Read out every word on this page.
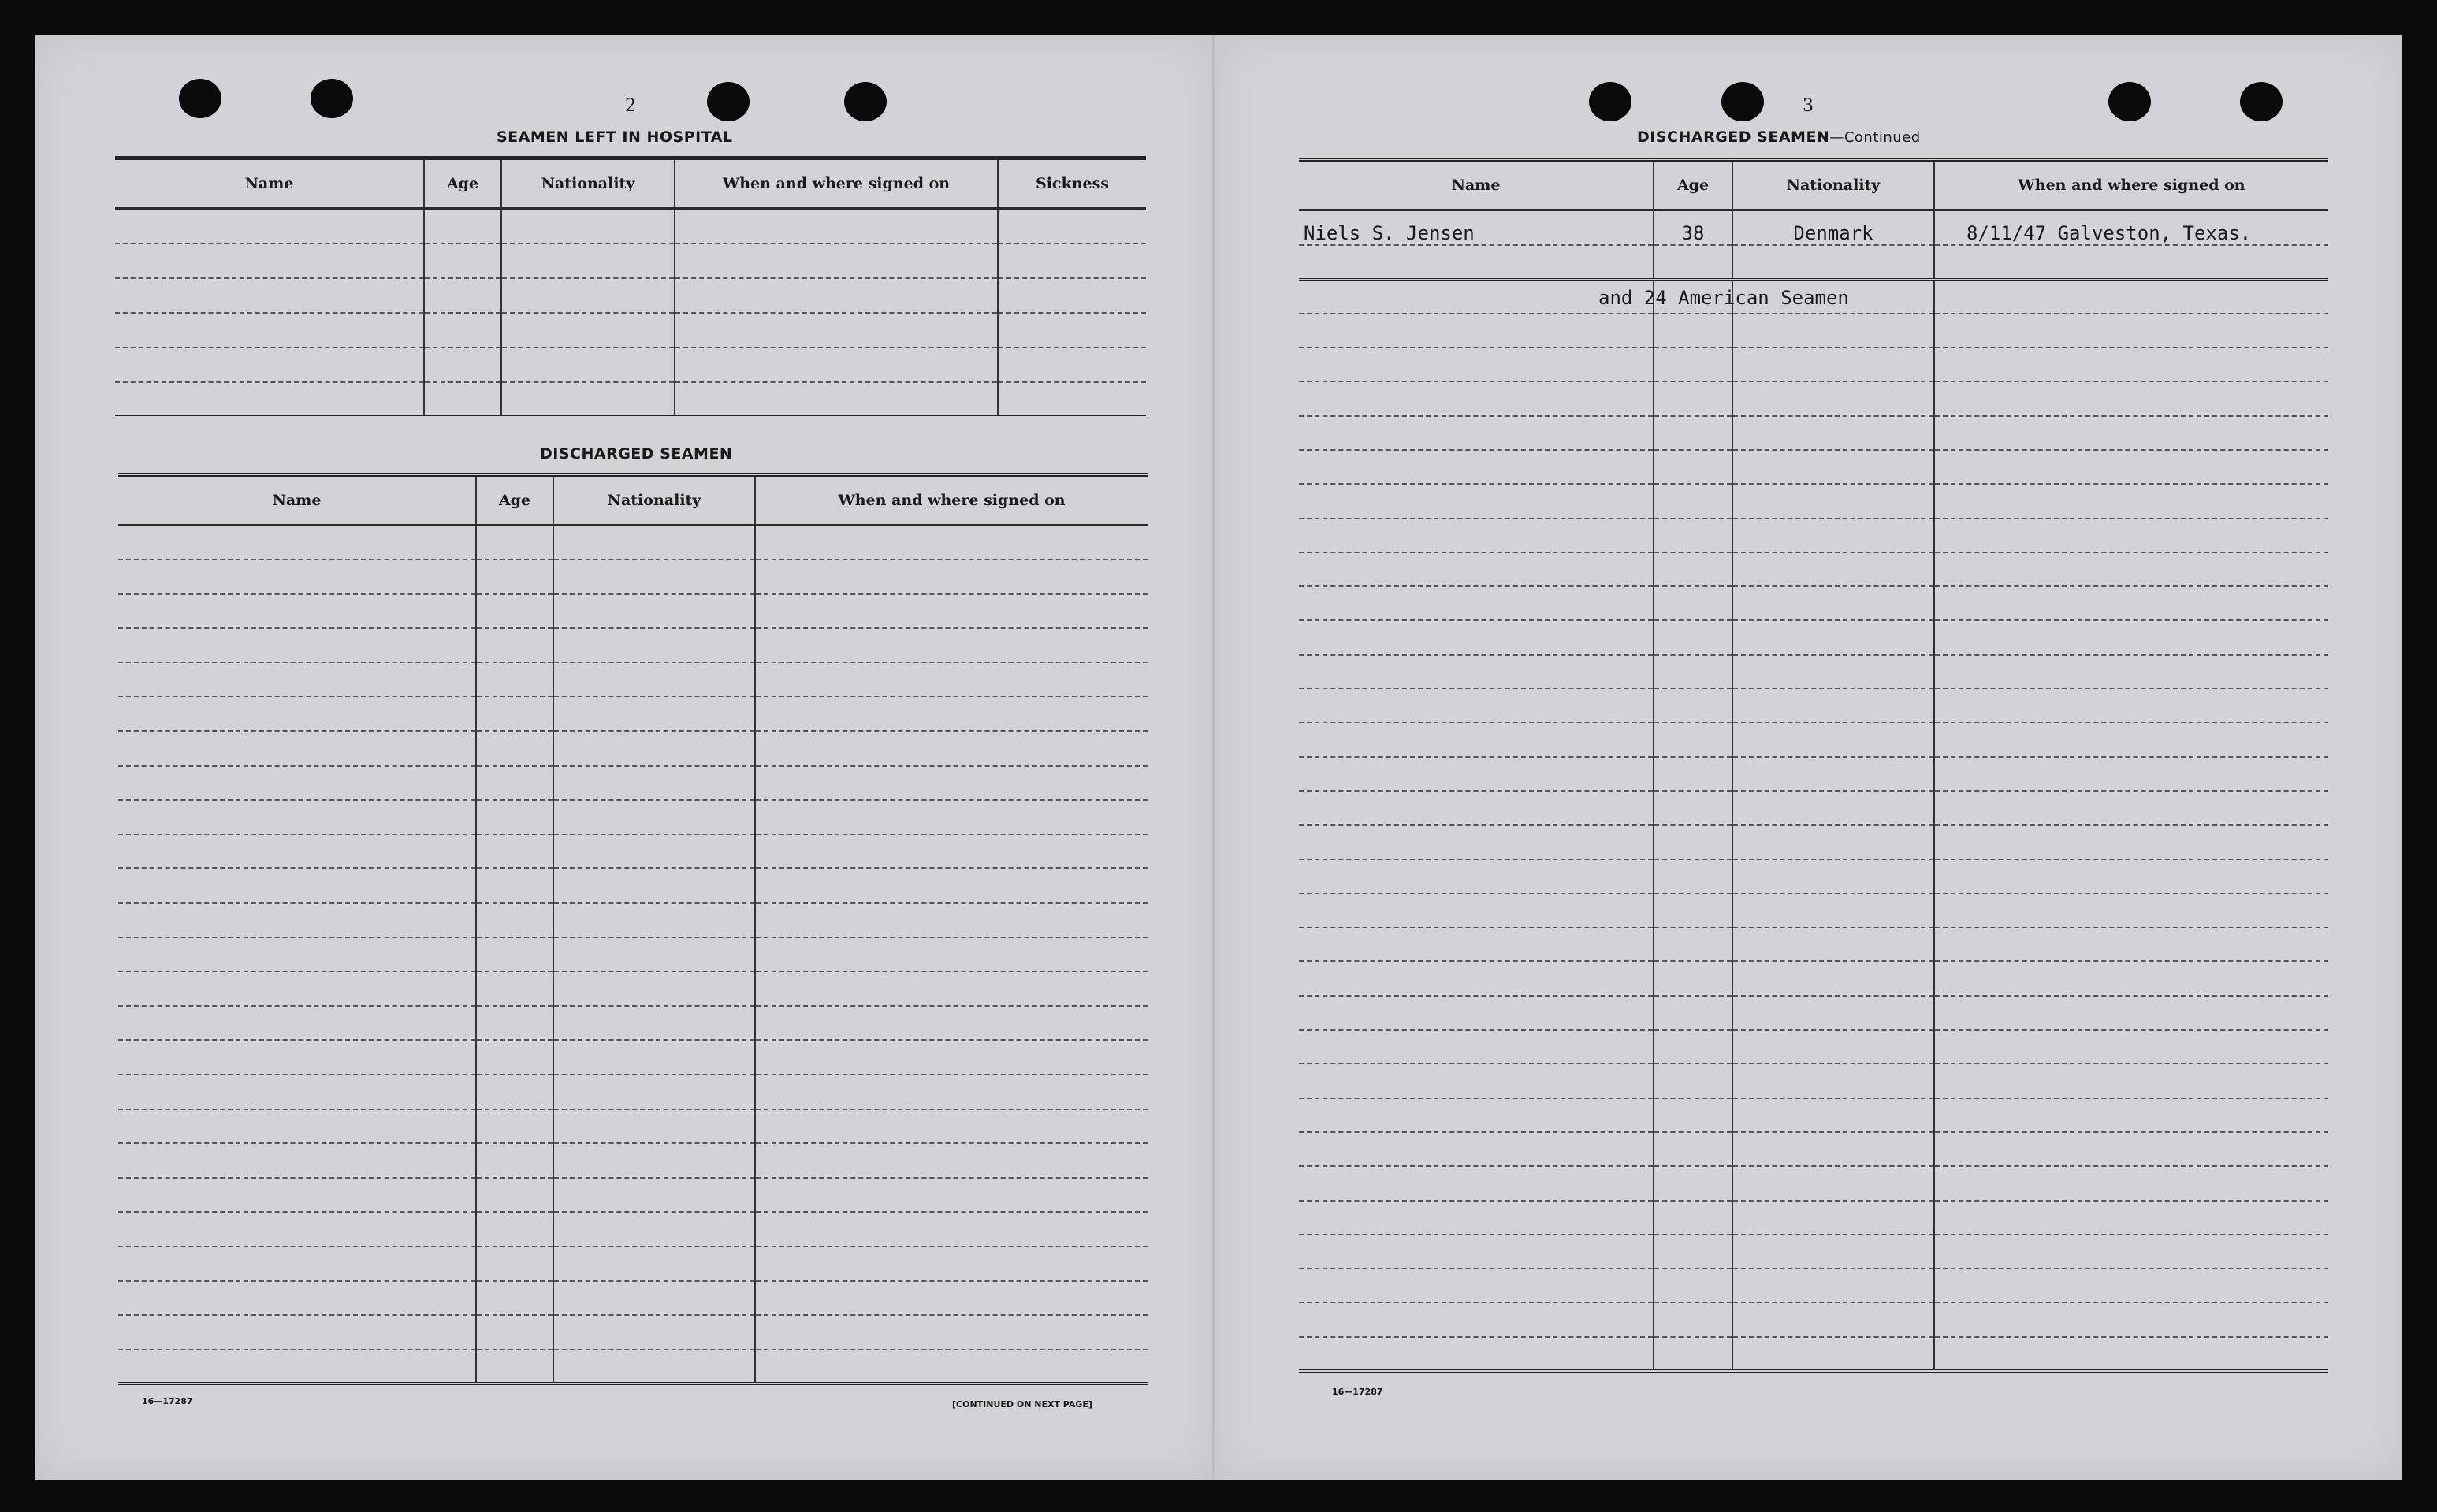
2
SEAMEN LEFT IN HOSPITAL
Name	Age	Nationality	When and where signed on	Sickness

DISCHARGED SEAMEN
Name	Age	Nationality	When and where signed on

16—17287	[CONTINUED ON NEXT PAGE]
3
DISCHARGED SEAMEN—Continued
Name	Age	Nationality	When and where signed on
Niels S. Jensen	38	Denmark	8/11/47 Galveston, Texas.

and 24 American Seamen
16—17287
